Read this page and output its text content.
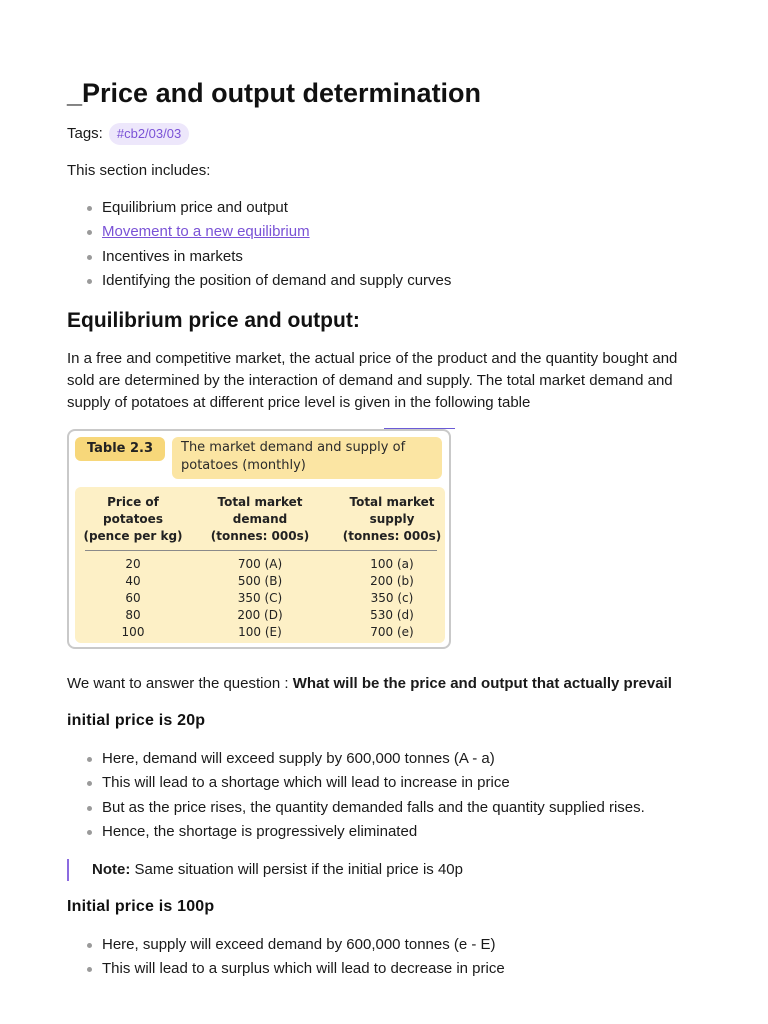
_Price and output determination
Tags: #cb2/03/03

This section includes:

Equilibrium price and output
Movement to a new equilibrium
Incentives in markets
Identifying the position of demand and supply curves
Equilibrium price and output:

In a free and competitive market, the actual price of the product and the quantity bought and sold are determined by the interaction of demand and supply. The total market demand and supply of potatoes at different price level is given in the following table

Table 2.3	The market demand and supply of
potatoes (monthly)
Price of
potatoes
(pence per kg)
Total market
demand
(tonnes: 000s)
Total market
supply
(tonnes: 000s)
20
40
60
80
100
700 (A)
500 (B)
350 (C)
200 (D)
100 (E)
100 (a)
200 (b)
350 (c)
530 (d)
700 (e)

We want to answer the question : What will be the price and output that actually prevail

initial price is 20p
Here, demand will exceed supply by 600,000 tonnes (A - a)
This will lead to a shortage which will lead to increase in price
But as the price rises, the quantity demanded falls and the quantity supplied rises.
Hence, the shortage is progressively eliminated
Note: Same situation will persist if the initial price is 40p
Initial price is 100p
Here, supply will exceed demand by 600,000 tonnes (e - E)
This will lead to a surplus which will lead to decrease in price
